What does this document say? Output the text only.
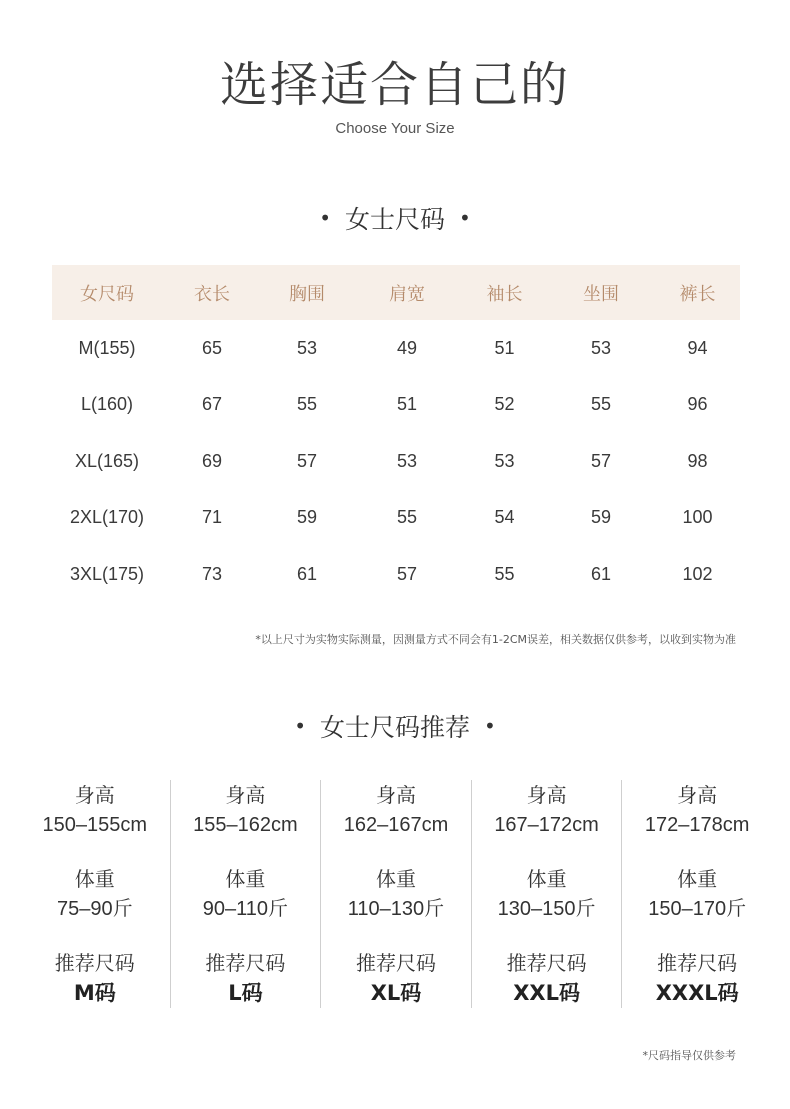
选择适合自己的
Choose Your Size
• 女士尺码 •
女尺码	衣长	胸围	肩宽	袖长	坐围	裤长
M(155)	65	53	49	51	53	94
L(160)	67	55	51	52	55	96
XL(165)	69	57	53	53	57	98
2XL(170)	71	59	55	54	59	100
3XL(175)	73	61	57	55	61	102
*以上尺寸为实物实际测量，因测量方式不同会有1-2CM误差，相关数据仅供参考，以收到实物为准
• 女士尺码推荐 •
身高
150–155cm
体重
75–90斤
推荐尺码
M码
身高
155–162cm
体重
90–110斤
推荐尺码
L码
身高
162–167cm
体重
110–130斤
推荐尺码
XL码
身高
167–172cm
体重
130–150斤
推荐尺码
XXL码
身高
172–178cm
体重
150–170斤
推荐尺码
XXXL码
*尺码指导仅供参考
